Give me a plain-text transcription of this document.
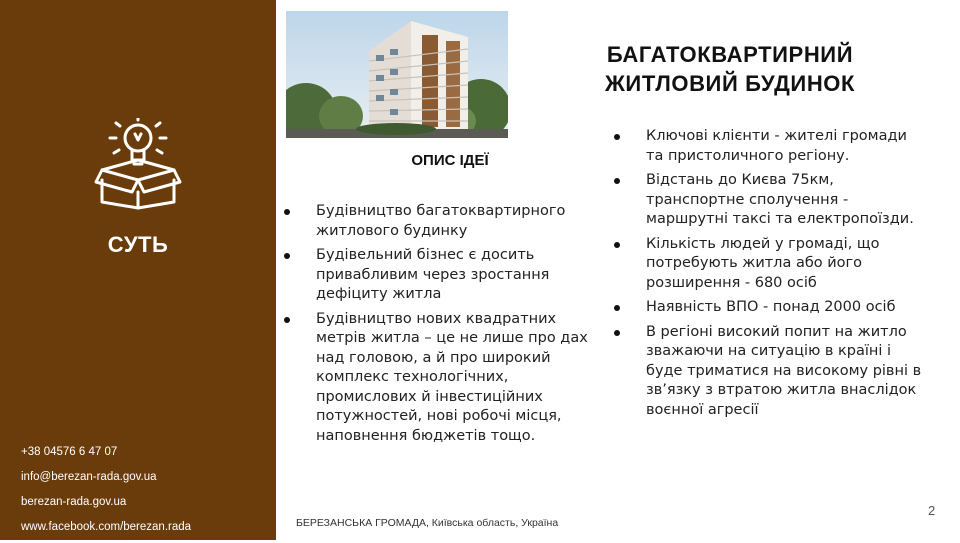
СУТЬ
+38 04576 6 47 07
info@berezan-rada.gov.ua
berezan-rada.gov.ua
www.facebook.com/berezan.rada
БАГАТОКВАРТИРНИЙ
ЖИТЛОВИЙ БУДИНОК
ОПИС ІДЕЇ
Будівництво багатоквартирного житлового будинку
Будівельний бізнес є досить привабливим через зростання дефіциту житла
Будівництво нових квадратних метрів житла – це не лише про дах над головою, а й про широкий комплекс технологічних, промислових й інвестиційних потужностей, нові робочі місця, наповнення бюджетів тощо.
Ключові клієнти - жителі громади та пристоличного регіону.
Відстань до Києва 75км, транспортне сполучення - маршрутні таксі та електропоїзди.
Кількість людей у громаді, що потребують житла або його розширення - 680 осіб
Наявність ВПО - понад 2000 осіб
В регіоні високий попит на житло зважаючи на ситуацію в країні і буде триматися на високому рівні в зв’язку з втратою житла внаслідок воєнної агресії
БЕРЕЗАНСЬКА ГРОМАДА, Київська область, Україна
2
